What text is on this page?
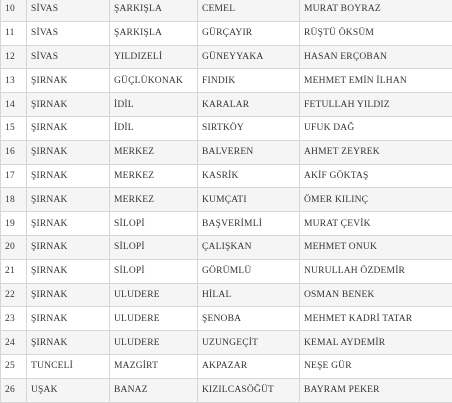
10	SİVAS	ŞARKIŞLA	CEMEL	MURAT BOYRAZ
11	SİVAS	ŞARKIŞLA	GÜRÇAYIR	RÜŞTÜ ÖKSÜM
12	SİVAS	YILDIZELİ	GÜNEYYAKA	HASAN ERÇOBAN
13	ŞIRNAK	GÜÇLÜKONAK	FINDIK	MEHMET EMİN İLHAN
14	ŞIRNAK	İDİL	KARALAR	FETULLAH YILDIZ
15	ŞIRNAK	İDİL	SIRTKÖY	UFUK DAĞ
16	ŞIRNAK	MERKEZ	BALVEREN	AHMET ZEYREK
17	ŞIRNAK	MERKEZ	KASRİK	AKİF GÖKTAŞ
18	ŞIRNAK	MERKEZ	KUMÇATI	ÖMER KILINÇ
19	ŞIRNAK	SİLOPİ	BAŞVERİMLİ	MURAT ÇEVİK
20	ŞIRNAK	SİLOPİ	ÇALIŞKAN	MEHMET ONUK
21	ŞIRNAK	SİLOPİ	GÖRÜMLÜ	NURULLAH ÖZDEMİR
22	ŞIRNAK	ULUDERE	HİLAL	OSMAN BENEK
23	ŞIRNAK	ULUDERE	ŞENOBA	MEHMET KADRİ TATAR
24	ŞIRNAK	ULUDERE	UZUNGEÇİT	KEMAL AYDEMİR
25	TUNCELİ	MAZGİRT	AKPAZAR	NEŞE GÜR
26	UŞAK	BANAZ	KIZILCASÖĞÜT	BAYRAM PEKER
